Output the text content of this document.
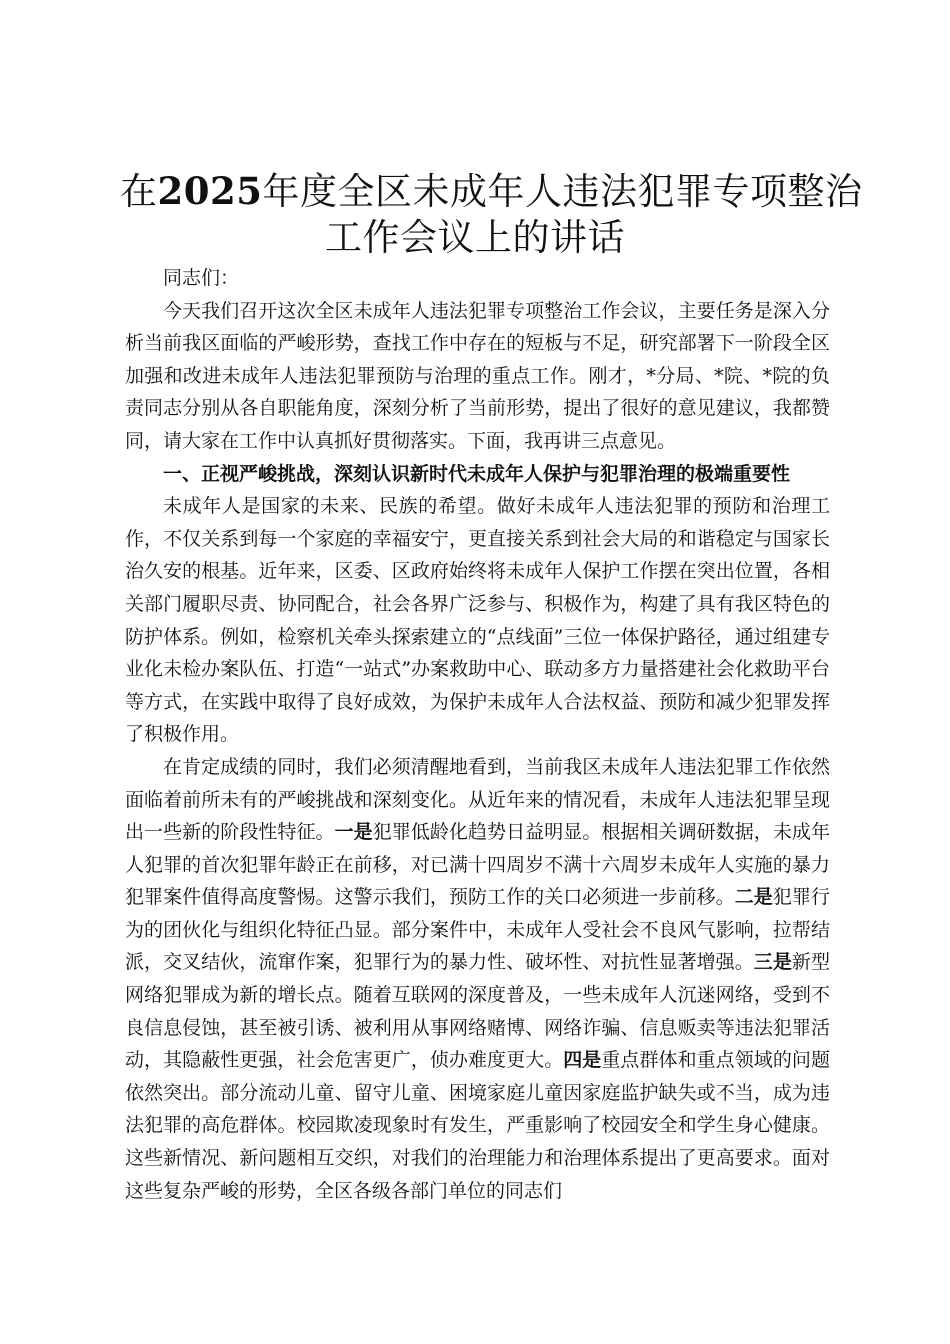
在2025年度全区未成年人违法犯罪专项整治
工作会议上的讲话

同志们：

今天我们召开这次全区未成年人违法犯罪专项整治工作会议，主要任务是深入分析当前我区面临的严峻形势，查找工作中存在的短板与不足，研究部署下一阶段全区加强和改进未成年人违法犯罪预防与治理的重点工作。刚才，*分局、*院、*院的负责同志分别从各自职能角度，深刻分析了当前形势，提出了很好的意见建议，我都赞同，请大家在工作中认真抓好贯彻落实。下面，我再讲三点意见。

一、正视严峻挑战，深刻认识新时代未成年人保护与犯罪治理的极端重要性

未成年人是国家的未来、民族的希望。做好未成年人违法犯罪的预防和治理工作，不仅关系到每一个家庭的幸福安宁，更直接关系到社会大局的和谐稳定与国家长治久安的根基。近年来，区委、区政府始终将未成年人保护工作摆在突出位置，各相关部门履职尽责、协同配合，社会各界广泛参与、积极作为，构建了具有我区特色的防护体系。例如，检察机关牵头探索建立的“点线面”三位一体保护路径，通过组建专业化未检办案队伍、打造“一站式”办案救助中心、联动多方力量搭建社会化救助平台等方式，在实践中取得了良好成效，为保护未成年人合法权益、预防和减少犯罪发挥了积极作用。

在肯定成绩的同时，我们必须清醒地看到，当前我区未成年人违法犯罪工作依然面临着前所未有的严峻挑战和深刻变化。从近年来的情况看，未成年人违法犯罪呈现出一些新的阶段性特征。一是犯罪低龄化趋势日益明显。根据相关调研数据，未成年人犯罪的首次犯罪年龄正在前移，对已满十四周岁不满十六周岁未成年人实施的暴力犯罪案件值得高度警惕。这警示我们，预防工作的关口必须进一步前移。二是犯罪行为的团伙化与组织化特征凸显。部分案件中，未成年人受社会不良风气影响，拉帮结派，交叉结伙，流窜作案，犯罪行为的暴力性、破坏性、对抗性显著增强。三是新型网络犯罪成为新的增长点。随着互联网的深度普及，一些未成年人沉迷网络，受到不良信息侵蚀，甚至被引诱、被利用从事网络赌博、网络诈骗、信息贩卖等违法犯罪活动，其隐蔽性更强，社会危害更广，侦办难度更大。四是重点群体和重点领域的问题依然突出。部分流动儿童、留守儿童、困境家庭儿童因家庭监护缺失或不当，成为违法犯罪的高危群体。校园欺凌现象时有发生，严重影响了校园安全和学生身心健康。这些新情况、新问题相互交织，对我们的治理能力和治理体系提出了更高要求。面对这些复杂严峻的形势，全区各级各部门单位的同志们
